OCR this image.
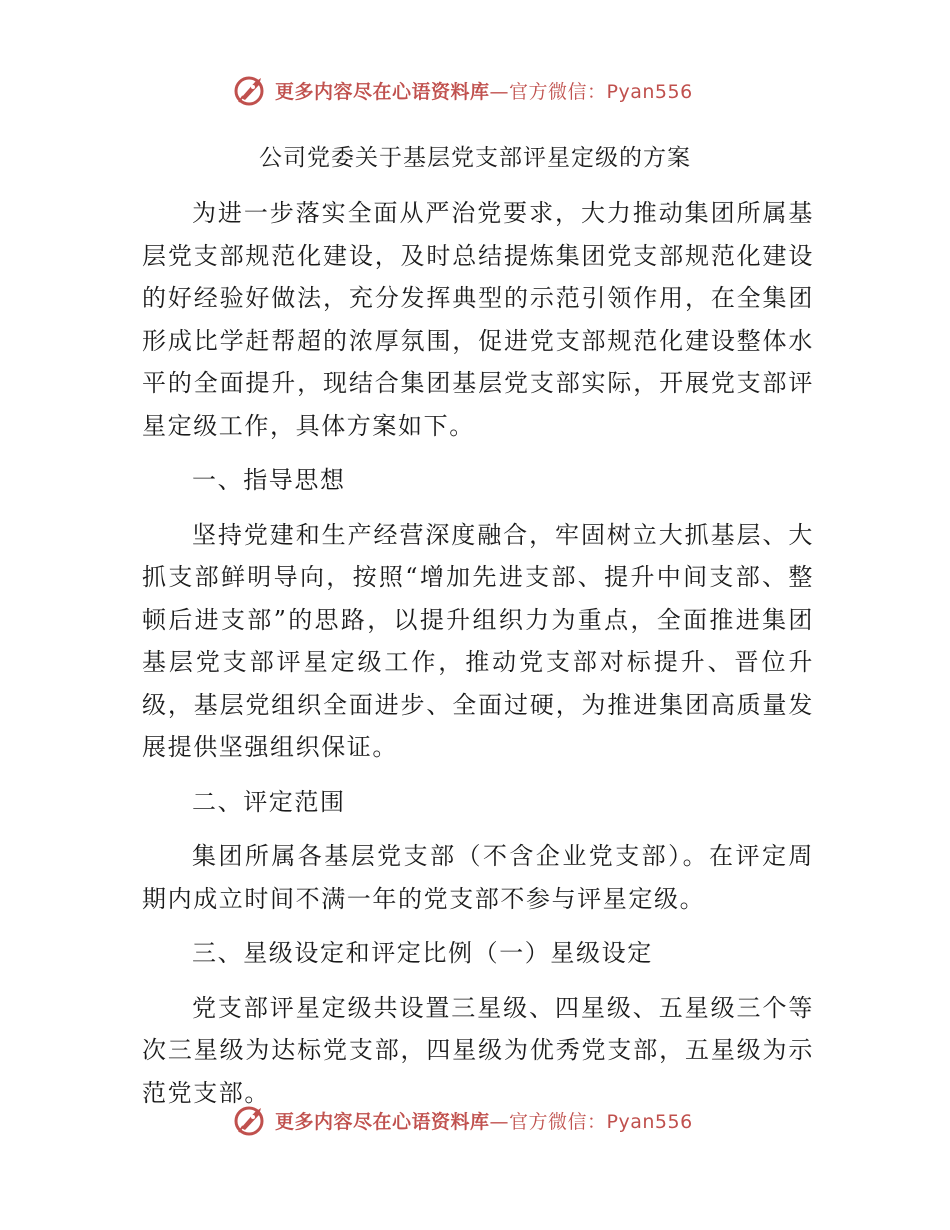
更多内容尽在心语资料库—官方微信：Pyan556
公司党委关于基层党支部评星定级的方案

为进一步落实全面从严治党要求，大力推动集团所属基层党支部规范化建设，及时总结提炼集团党支部规范化建设的好经验好做法，充分发挥典型的示范引领作用，在全集团形成比学赶帮超的浓厚氛围，促进党支部规范化建设整体水平的全面提升，现结合集团基层党支部实际，开展党支部评星定级工作，具体方案如下。

一、指导思想

坚持党建和生产经营深度融合，牢固树立大抓基层、大抓支部鲜明导向，按照“增加先进支部、提升中间支部、整顿后进支部”的思路，以提升组织力为重点，全面推进集团基层党支部评星定级工作，推动党支部对标提升、晋位升级，基层党组织全面进步、全面过硬，为推进集团高质量发展提供坚强组织保证。

二、评定范围

集团所属各基层党支部（不含企业党支部）。在评定周期内成立时间不满一年的党支部不参与评星定级。

三、星级设定和评定比例（一）星级设定

党支部评星定级共设置三星级、四星级、五星级三个等次三星级为达标党支部，四星级为优秀党支部，五星级为示范党支部。

更多内容尽在心语资料库—官方微信：Pyan556
